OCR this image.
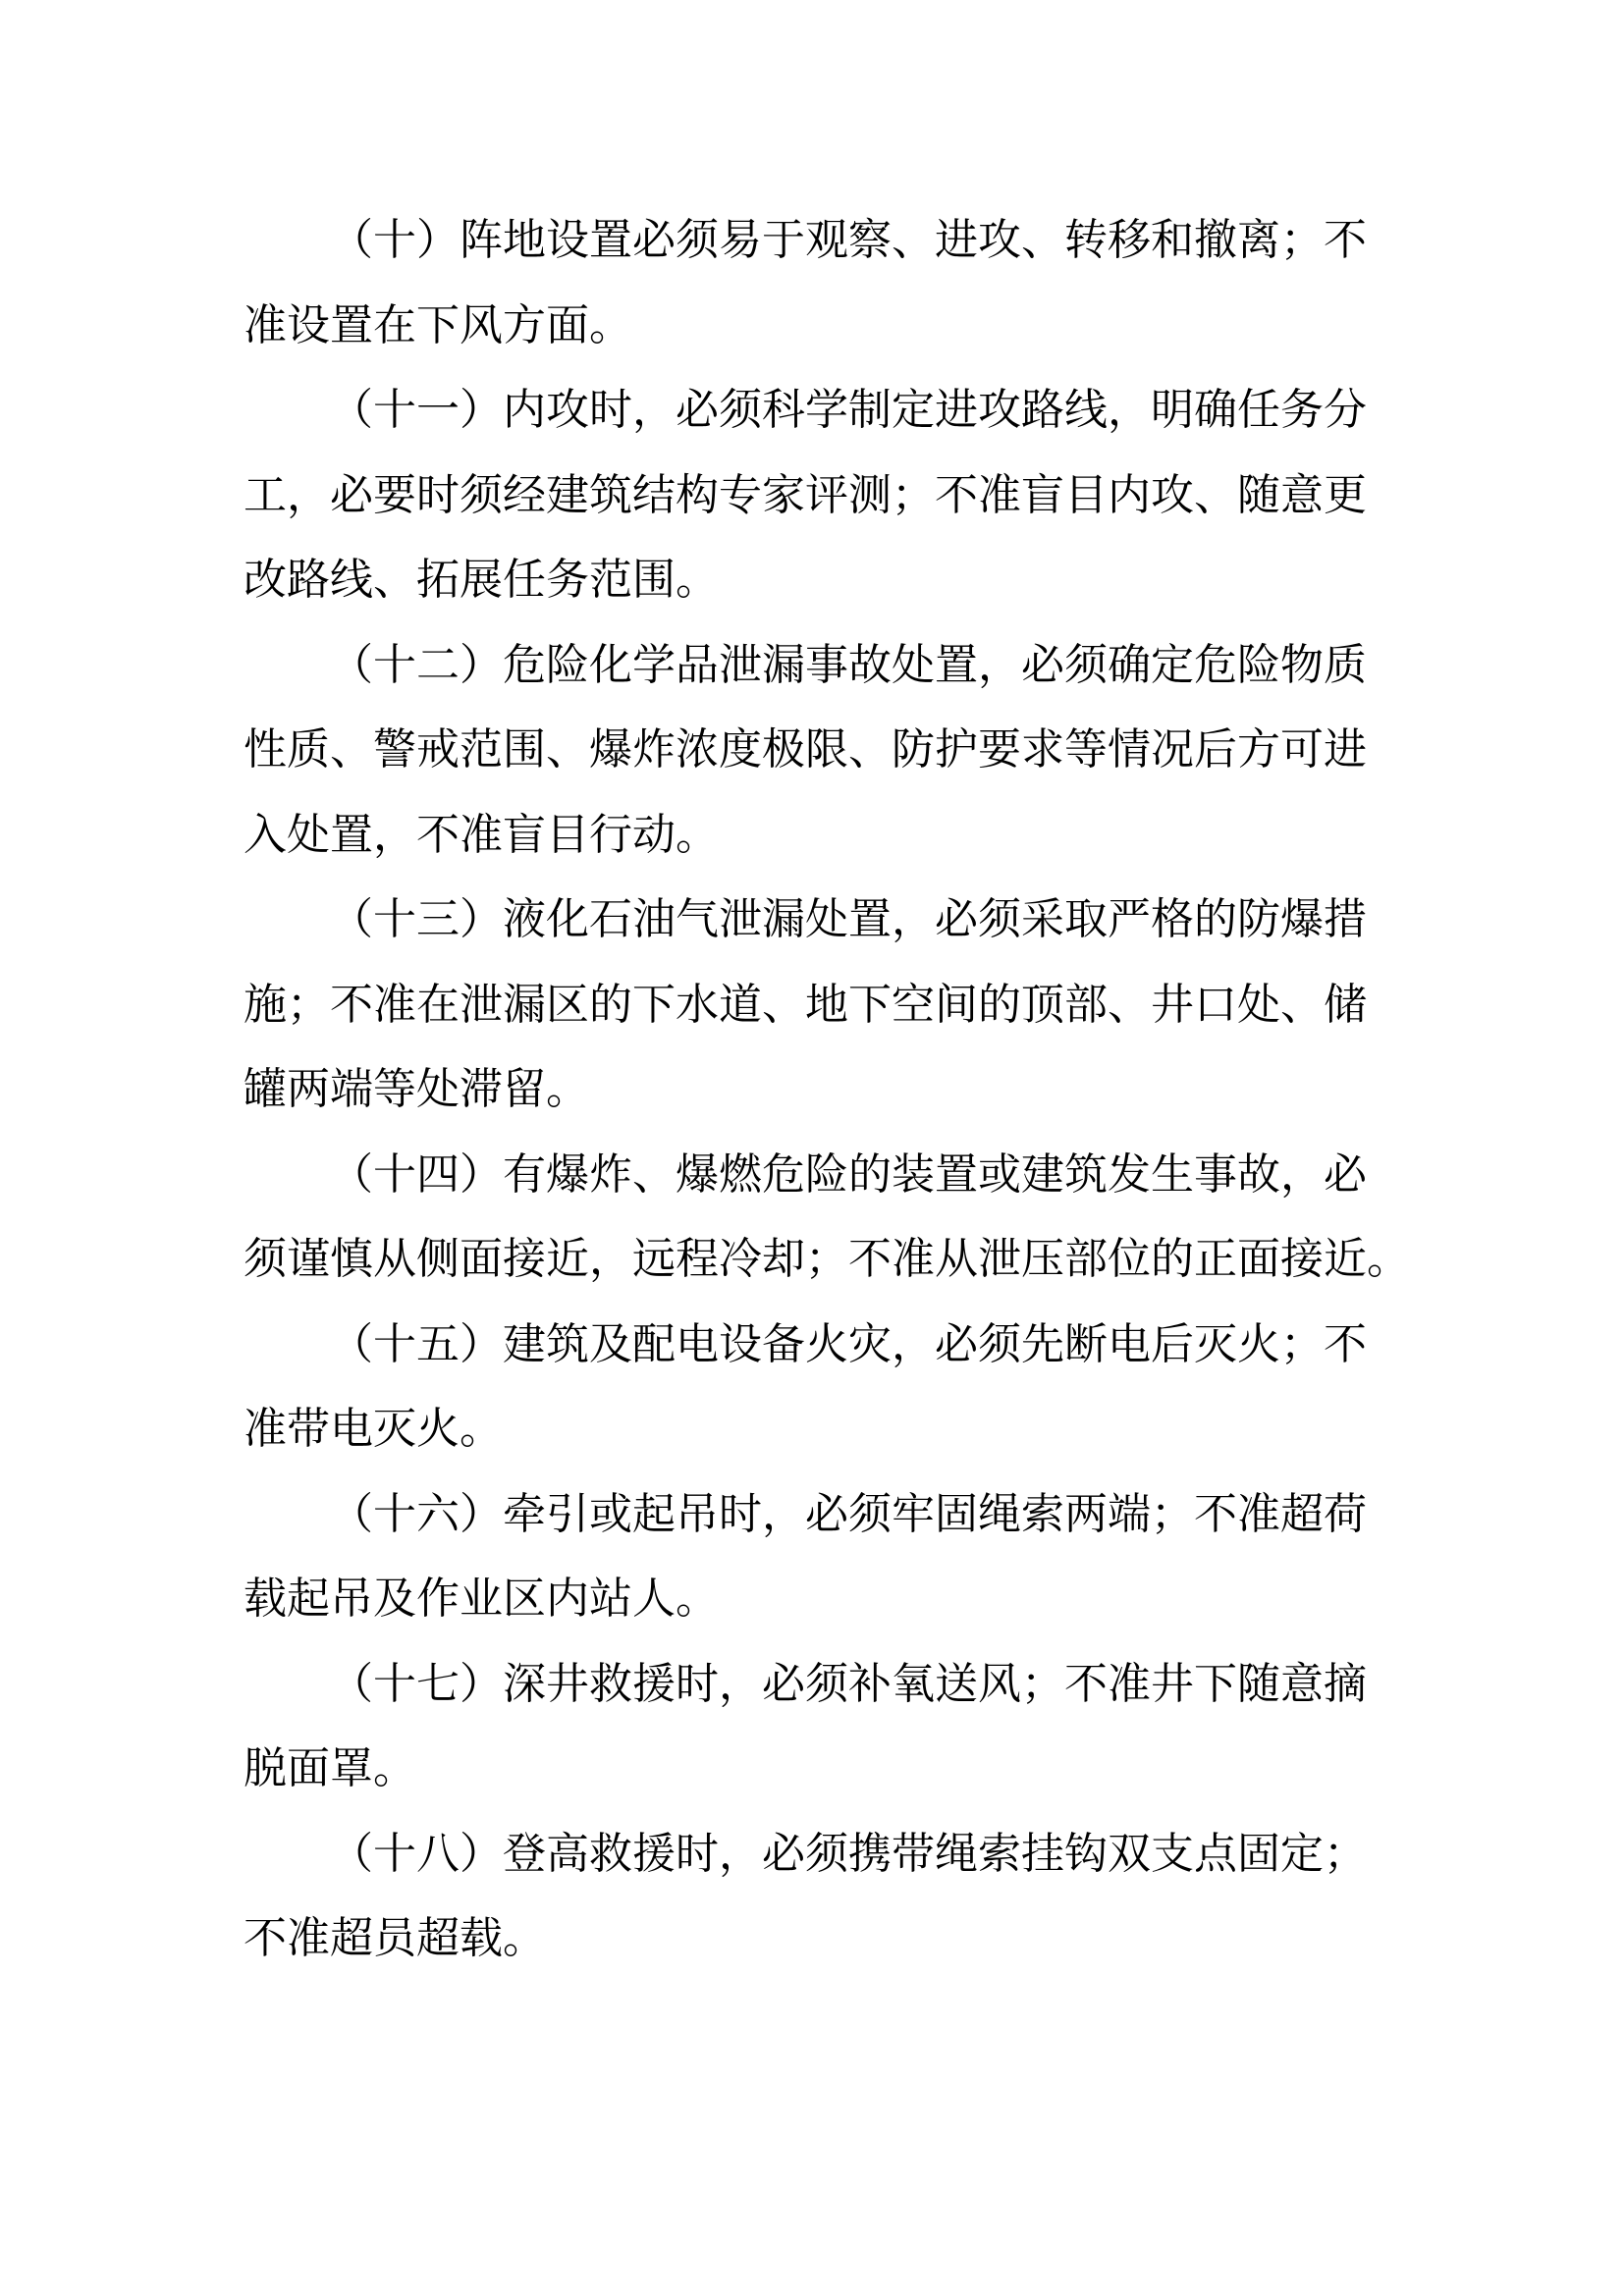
（十）阵地设置必须易于观察、进攻、转移和撤离；不
准设置在下风方面。
（十一）内攻时，必须科学制定进攻路线，明确任务分
工，必要时须经建筑结构专家评测；不准盲目内攻、随意更
改路线、拓展任务范围。
（十二）危险化学品泄漏事故处置，必须确定危险物质
性质、警戒范围、爆炸浓度极限、防护要求等情况后方可进
入处置，不准盲目行动。
（十三）液化石油气泄漏处置，必须采取严格的防爆措
施；不准在泄漏区的下水道、地下空间的顶部、井口处、储
罐两端等处滞留。
（十四）有爆炸、爆燃危险的装置或建筑发生事故，必
须谨慎从侧面接近，远程冷却；不准从泄压部位的正面接近。
（十五）建筑及配电设备火灾，必须先断电后灭火；不
准带电灭火。
（十六）牵引或起吊时，必须牢固绳索两端；不准超荷
载起吊及作业区内站人。
（十七）深井救援时，必须补氧送风；不准井下随意摘
脱面罩。
（十八）登高救援时，必须携带绳索挂钩双支点固定；
不准超员超载。
